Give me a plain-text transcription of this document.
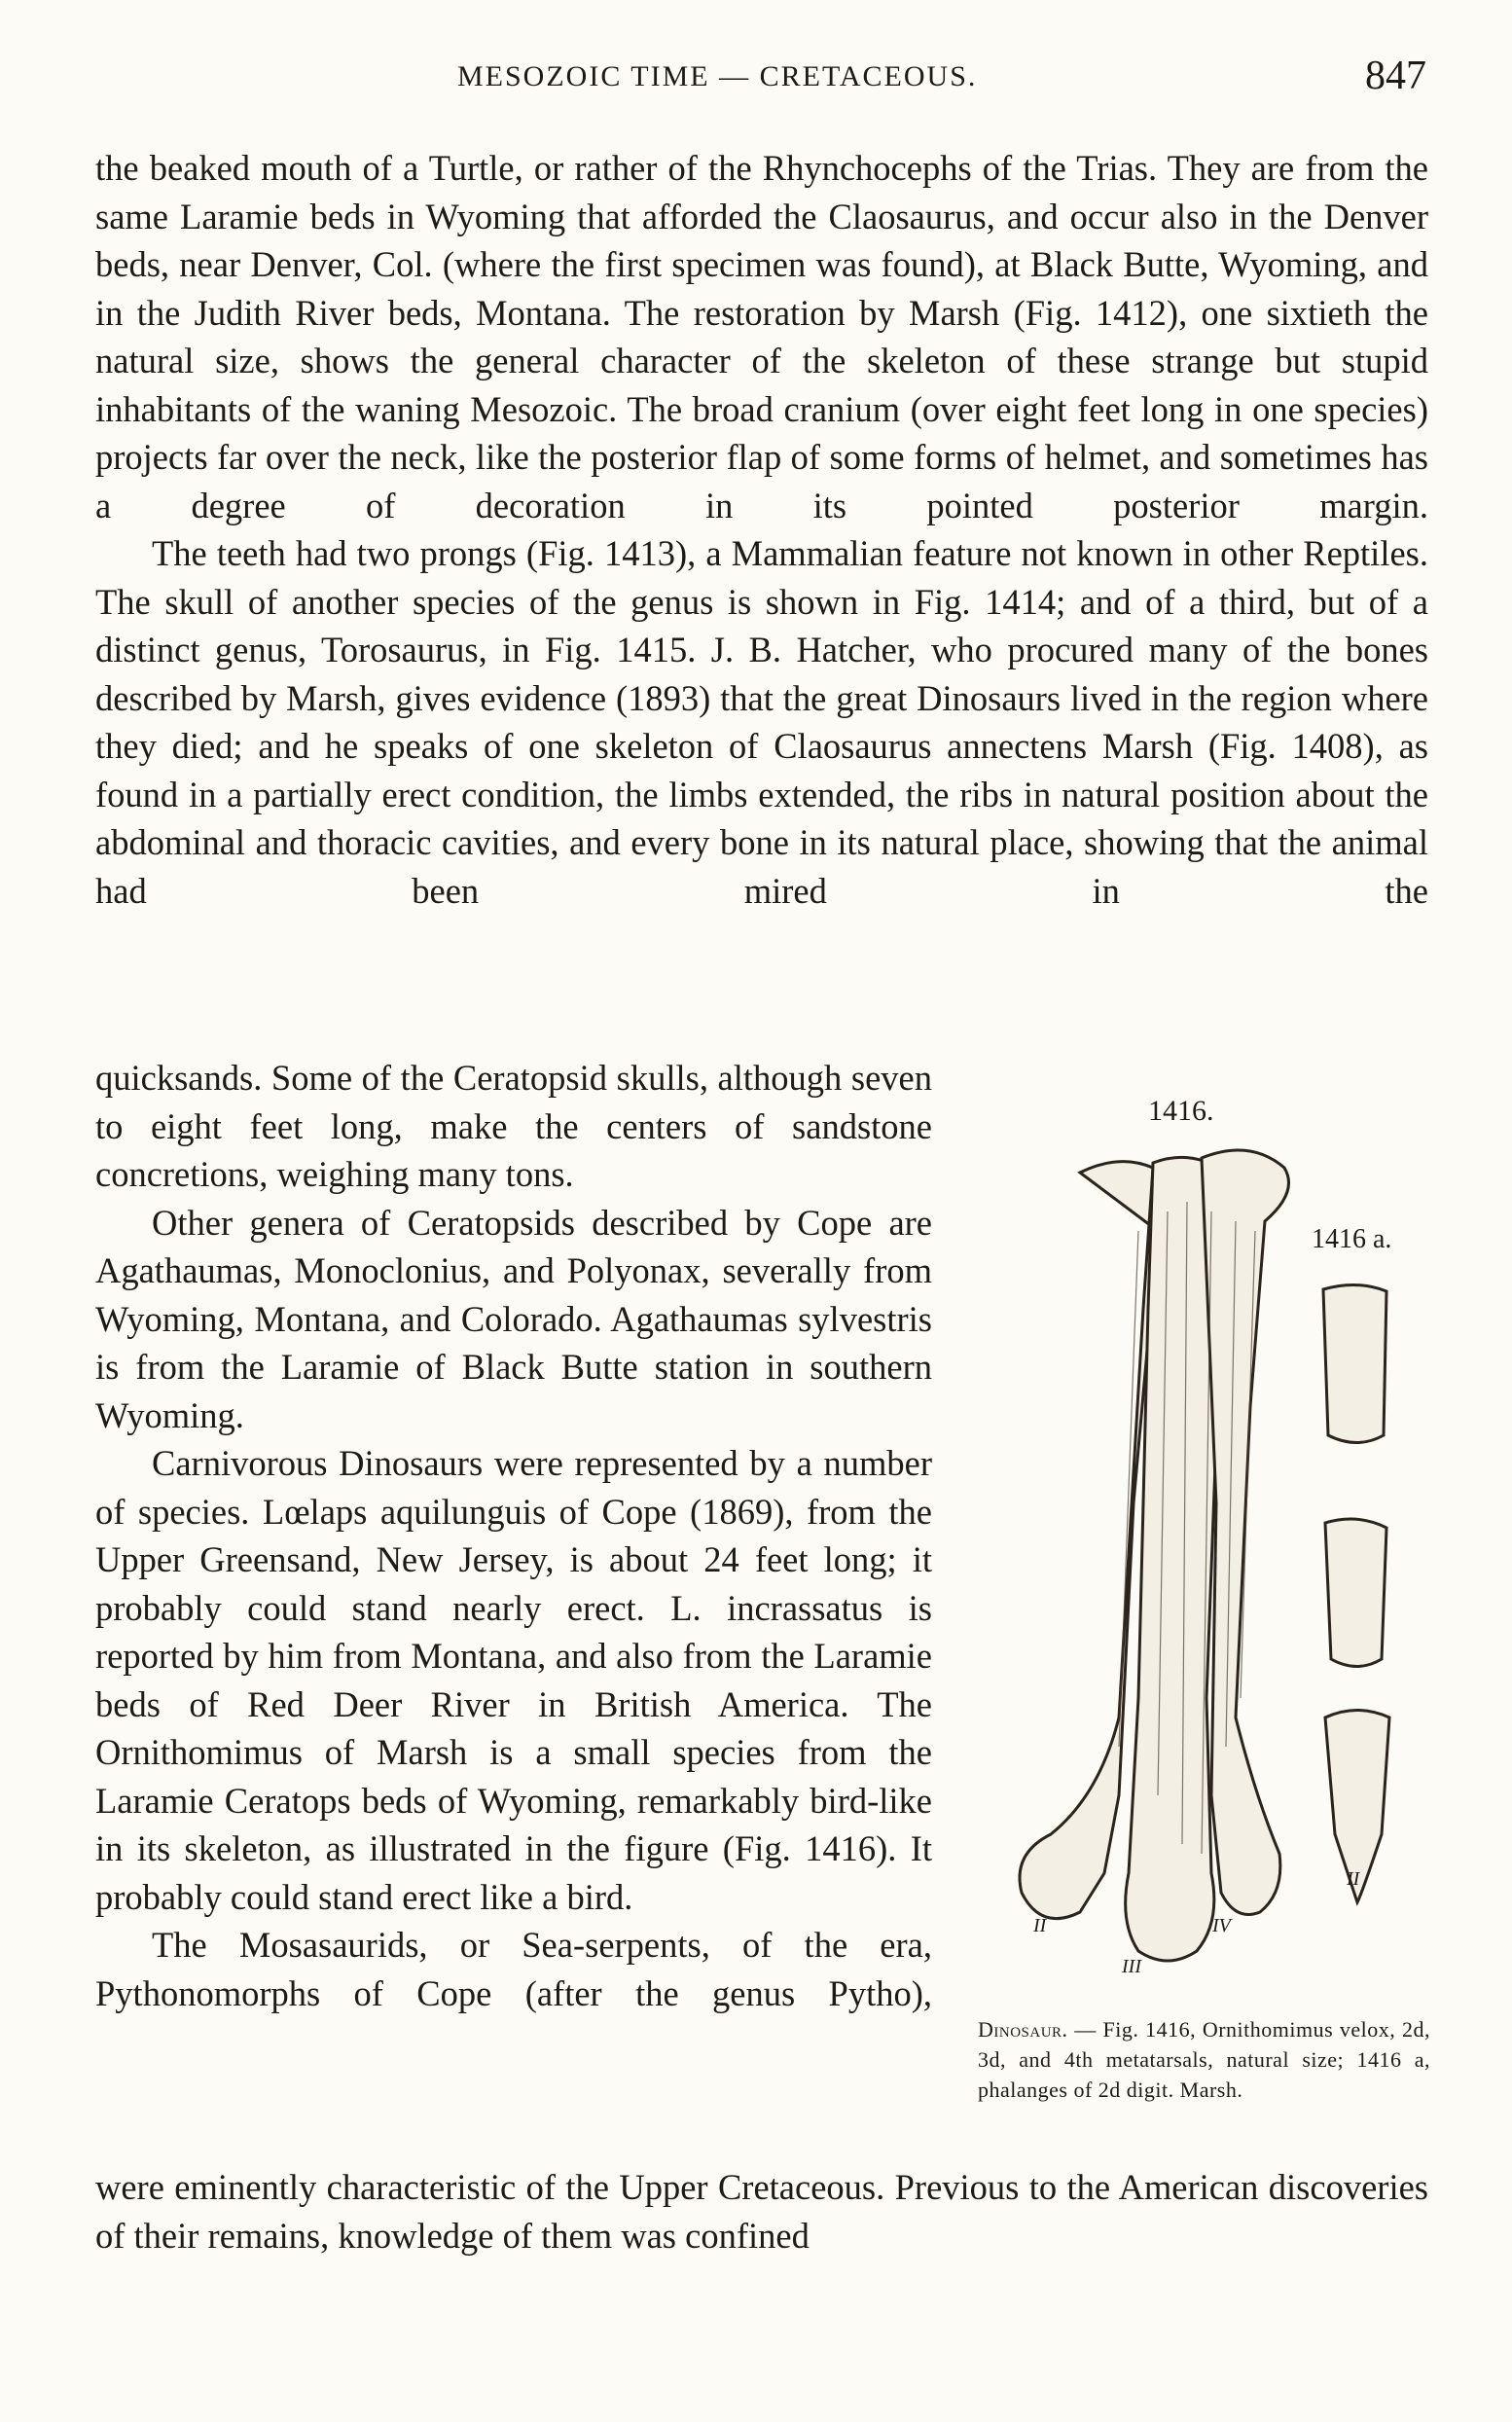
MESOZOIC TIME — CRETACEOUS.	847

the beaked mouth of a Turtle, or rather of the Rhynchocephs of the Trias. They are from the same Laramie beds in Wyoming that afforded the Claosaurus, and occur also in the Denver beds, near Denver, Col. (where the first specimen was found), at Black Butte, Wyoming, and in the Judith River beds, Montana. The restoration by Marsh (Fig. 1412), one sixtieth the natural size, shows the general character of the skeleton of these strange but stupid inhabitants of the waning Mesozoic. The broad cranium (over eight feet long in one species) projects far over the neck, like the posterior flap of some forms of helmet, and sometimes has a degree of decoration in its pointed posterior margin.

The teeth had two prongs (Fig. 1413), a Mammalian feature not known in other Reptiles. The skull of another species of the genus is shown in Fig. 1414; and of a third, but of a distinct genus, Torosaurus, in Fig. 1415. J. B. Hatcher, who procured many of the bones described by Marsh, gives evidence (1893) that the great Dinosaurs lived in the region where they died; and he speaks of one skeleton of Claosaurus annectens Marsh (Fig. 1408), as found in a partially erect condition, the limbs extended, the ribs in natural position about the abdominal and thoracic cavities, and every bone in its natural place, showing that the animal had been mired in the

quicksands. Some of the Ceratopsid skulls, although seven to eight feet long, make the centers of sandstone concretions, weighing many tons.

Other genera of Ceratopsids described by Cope are Agathaumas, Monoclonius, and Polyonax, severally from Wyoming, Montana, and Colorado. Agathaumas sylvestris is from the Laramie of Black Butte station in southern Wyoming.

Carnivorous Dinosaurs were represented by a number of species. Lœlaps aquilunguis of Cope (1869), from the Upper Greensand, New Jersey, is about 24 feet long; it probably could stand nearly erect. L. incrassatus is reported by him from Montana, and also from the Laramie beds of Red Deer River in British America. The Ornithomimus of Marsh is a small species from the Laramie Ceratops beds of Wyoming, remarkably bird-like in its skeleton, as illustrated in the figure (Fig. 1416). It probably could stand erect like a bird.

The Mosasaurids, or Sea-serpents, of the era, Pythonomorphs of Cope (after the genus Pytho),

were eminently characteristic of the Upper Cretaceous. Previous to the American discoveries of their remains, knowledge of them was confined

1416.
1416 a.
II
III
IV
II
Dinosaur. — Fig. 1416, Ornithomimus velox, 2d, 3d, and 4th metatarsals, natural size; 1416 a, phalanges of 2d digit. Marsh.
